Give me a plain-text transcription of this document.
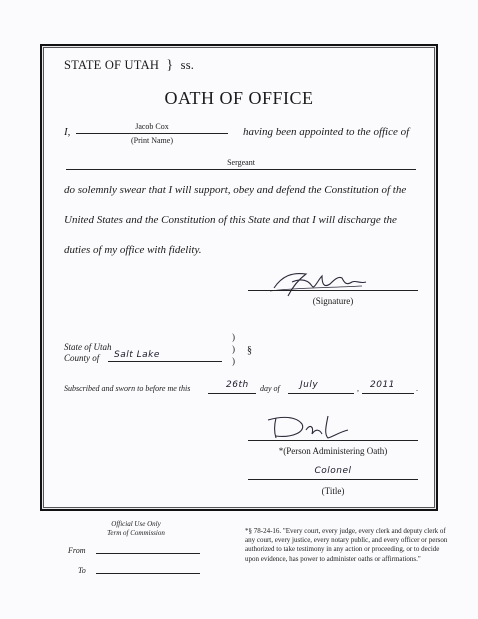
STATE OF UTAH } ss.
OATH OF OFFICE
I,	Jacob Cox
(Print Name)
having been appointed to the office of
Sergeant
do solemnly swear that I will support, obey and defend the Constitution of the
United States and the Constitution of this State and that I will discharge the
duties of my office with fidelity.
(Signature)
State of Utah
County of Salt Lake
)
)
)
§
Subscribed and sworn to before me this	26th day of July	, 2011	.
*(Person Administering Oath)
Colonel
(Title)
Official Use Only
Term of Commission
From
To
*§ 78-24-16. "Every court, every judge, every clerk and deputy clerk of any court, every justice, every notary public, and every officer or person authorized to take testimony in any action or proceeding, or to decide upon evidence, has power to administer oaths or affirmations."
